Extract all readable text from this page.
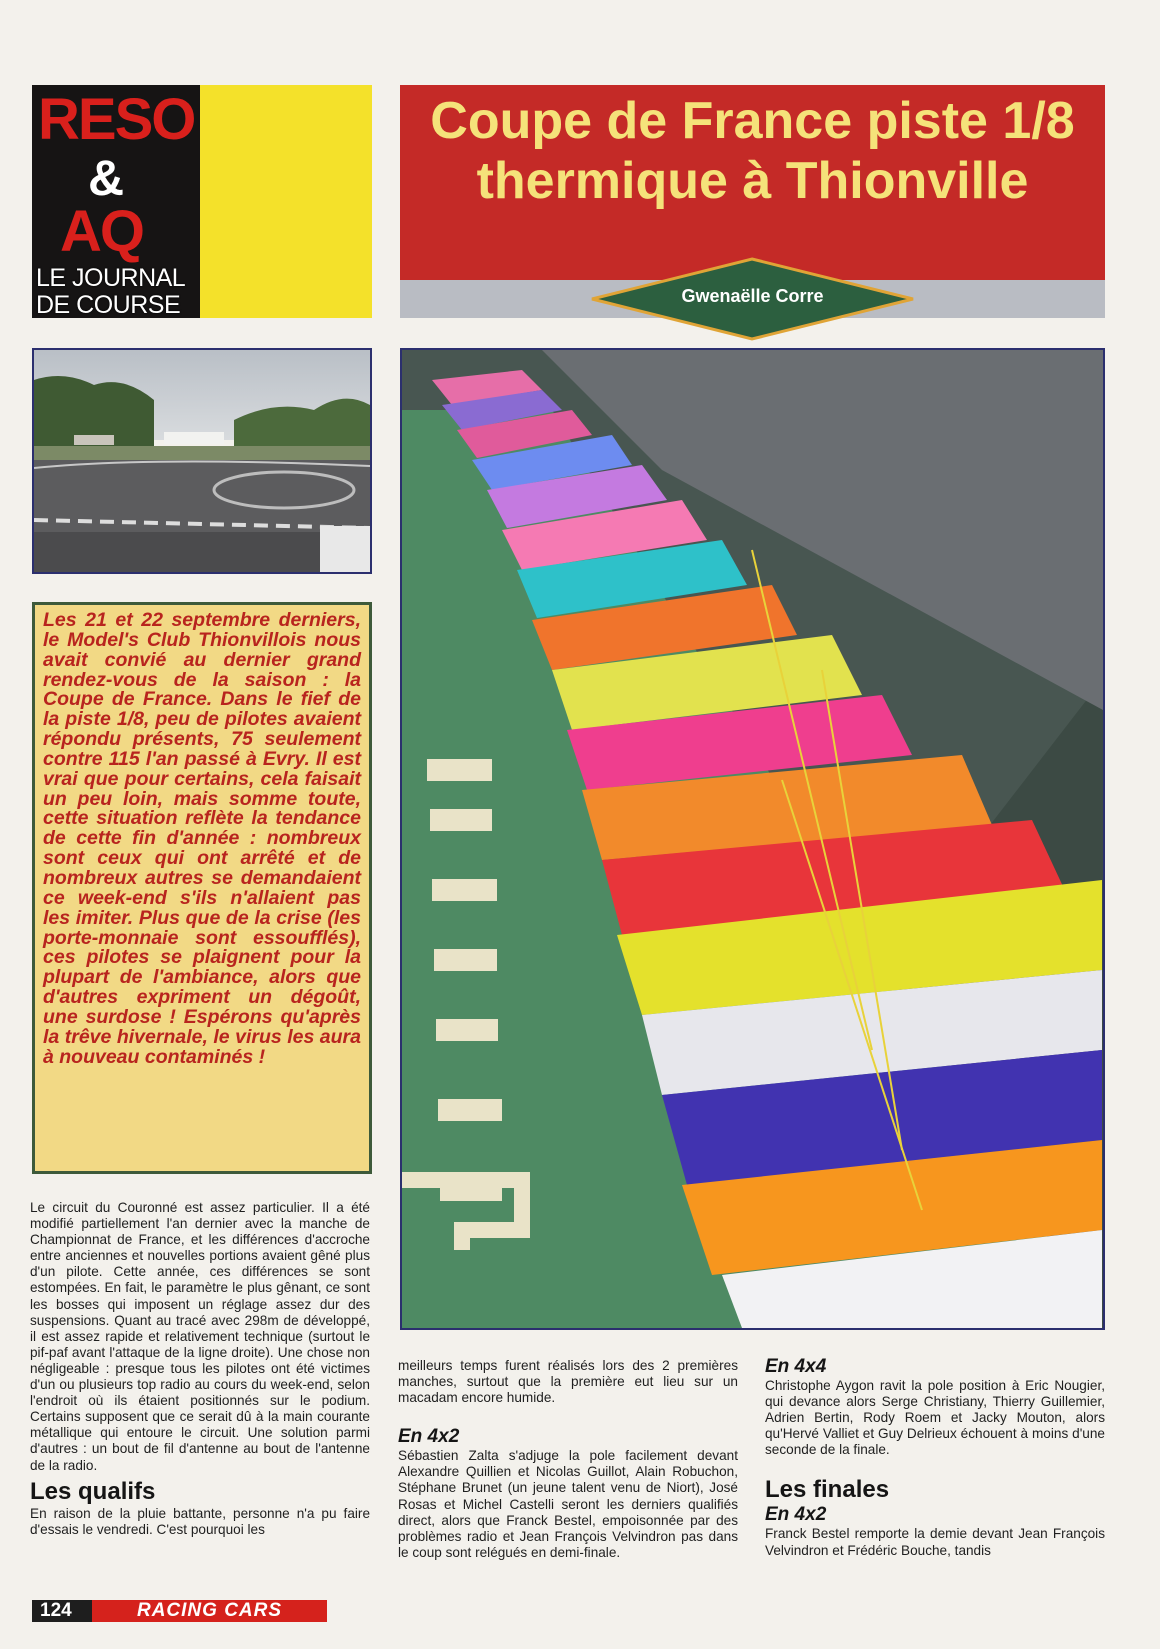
RESO
&
AQ
LE JOURNAL
DE COURSE
Coupe de France piste 1/8 thermique à Thionville
Gwenaëlle Corre

Les 21 et 22 septembre derniers, le Model's Club Thionvillois nous avait convié au dernier grand rendez-vous de la saison : la Coupe de France. Dans le fief de la piste 1/8, peu de pilotes avaient répondu présents, 75 seulement contre 115 l'an passé à Evry. Il est vrai que pour certains, cela faisait un peu loin, mais somme toute, cette situation reflète la tendance de cette fin d'année : nombreux sont ceux qui ont arrêté et de nombreux autres se demandaient ce week-end s'ils n'allaient pas les imiter. Plus que de la crise (les porte-monnaie sont essoufflés), ces pilotes se plaignent pour la plupart de l'ambiance, alors que d'autres expriment un dégoût, une surdose ! Espérons qu'après la trêve hivernale, le virus les aura à nouveau contaminés !

Le circuit du Couronné est assez particulier. Il a été modifié partiellement l'an dernier avec la manche de Championnat de France, et les différences d'accroche entre anciennes et nouvelles portions avaient gêné plus d'un pilote. Cette année, ces différences se sont estompées. En fait, le paramètre le plus gênant, ce sont les bosses qui imposent un réglage assez dur des suspensions. Quant au tracé avec 298m de développé, il est assez rapide et relativement technique (surtout le pif-paf avant l'attaque de la ligne droite). Une chose non négligeable : presque tous les pilotes ont été victimes d'un ou plusieurs top radio au cours du week-end, selon l'endroit où ils étaient positionnés sur le podium. Certains supposent que ce serait dû à la main courante métallique qui entoure le circuit. Une solution parmi d'autres : un bout de fil d'antenne au bout de l'antenne de la radio.

Les qualifs

En raison de la pluie battante, personne n'a pu faire d'essais le vendredi. C'est pourquoi les

meilleurs temps furent réalisés lors des 2 premières manches, surtout que la première eut lieu sur un macadam encore humide.

En 4x2

Sébastien Zalta s'adjuge la pole facilement devant Alexandre Quillien et Nicolas Guillot, Alain Robuchon, Stéphane Brunet (un jeune talent venu de Niort), José Rosas et Michel Castelli seront les derniers qualifiés direct, alors que Franck Bestel, empoisonnée par des problèmes radio et Jean François Velvindron pas dans le coup sont relégués en demi-finale.

En 4x4

Christophe Aygon ravit la pole position à Eric Nougier, qui devance alors Serge Christiany, Thierry Guillemier, Adrien Bertin, Rody Roem et Jacky Mouton, alors qu'Hervé Valliet et Guy Delrieux échouent à moins d'une seconde de la finale.

Les finales
En 4x2

Franck Bestel remporte la demie devant Jean François Velvindron et Frédéric Bouche, tandis

124	RACING CARS
